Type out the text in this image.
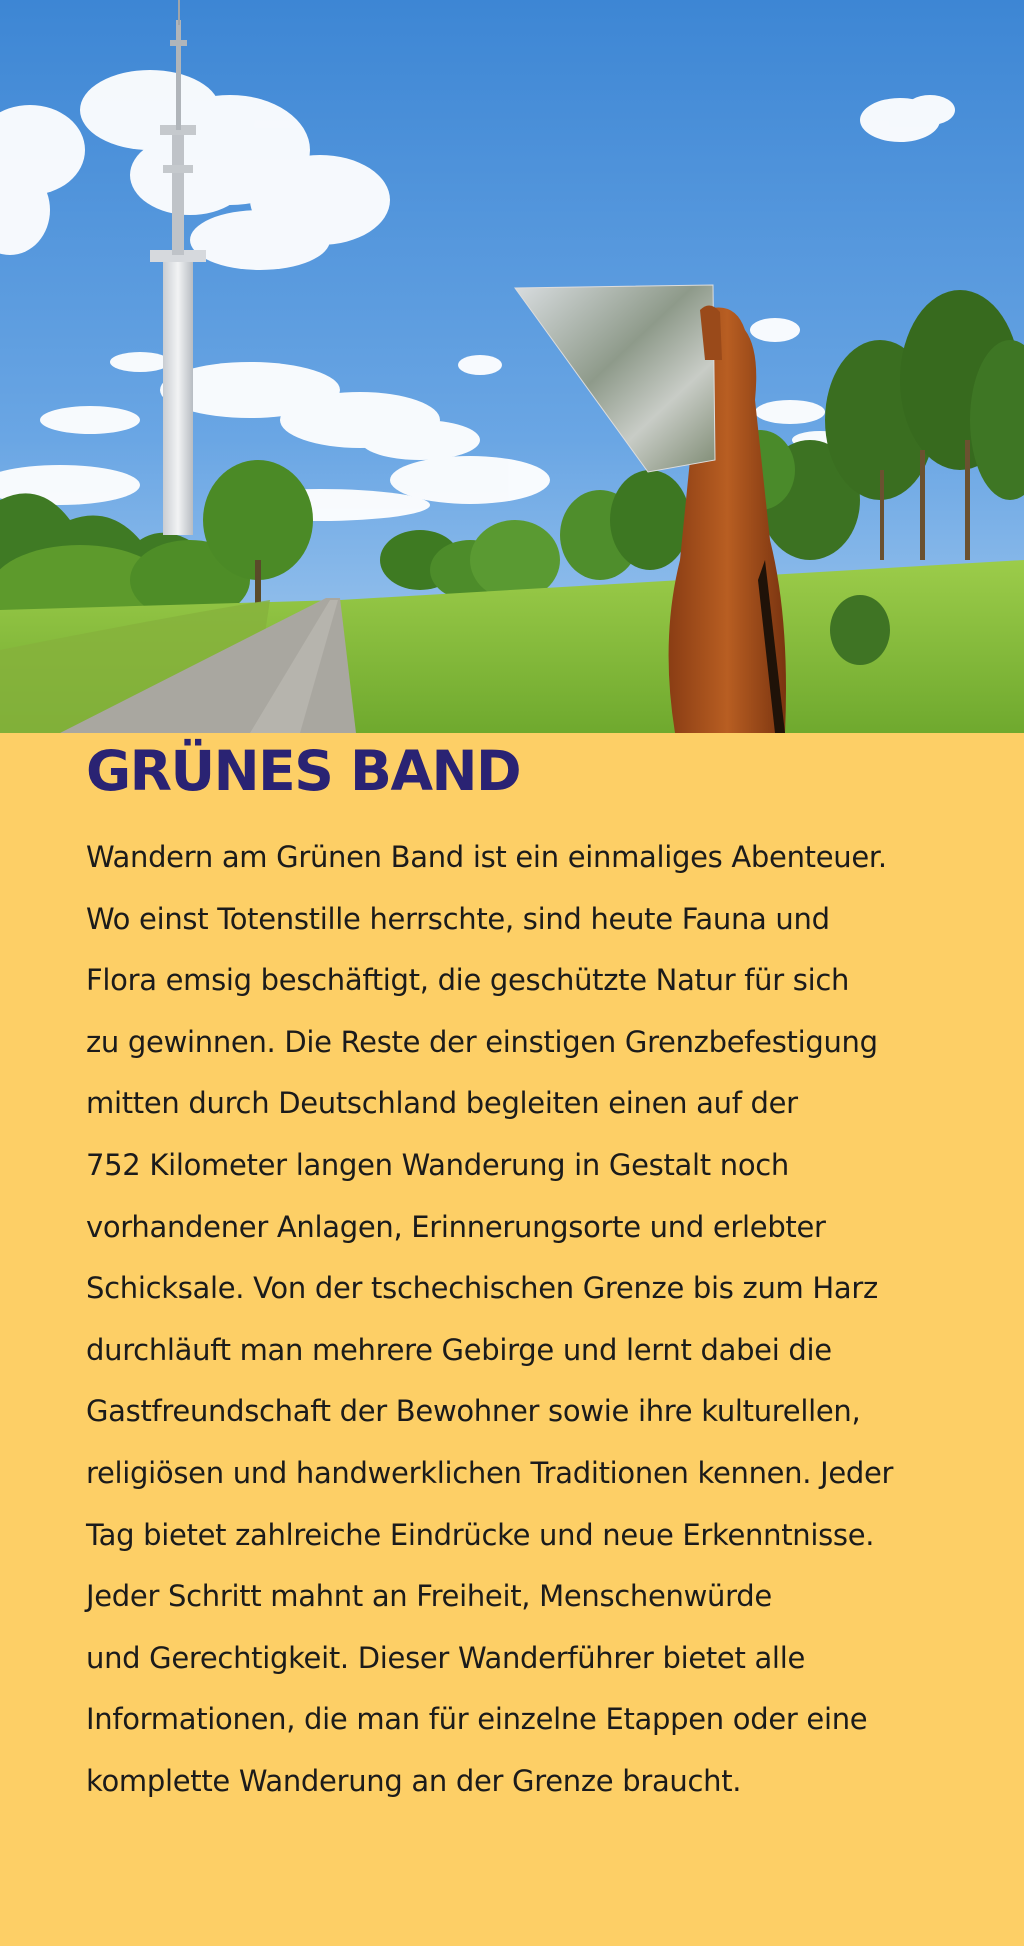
GRÜNES BAND
Wandern am Grünen Band ist ein einmaliges Abenteuer.
Wo einst Totenstille herrschte, sind heute Fauna und
Flora emsig beschäftigt, die geschützte Natur für sich
zu gewinnen. Die Reste der einstigen Grenzbefestigung
mitten durch Deutschland begleiten einen auf der
752 Kilometer langen Wanderung in Gestalt noch
vorhandener Anlagen, Erinnerungsorte und erlebter
Schicksale. Von der tschechischen Grenze bis zum Harz
durchläuft man mehrere Gebirge und lernt dabei die
Gastfreundschaft der Bewohner sowie ihre kulturellen,
religiösen und handwerklichen Traditionen kennen. Jeder
Tag bietet zahlreiche Eindrücke und neue Erkenntnisse.
Jeder Schritt mahnt an Freiheit, Menschenwürde
und Gerechtigkeit. Dieser Wanderführer bietet alle
Informationen, die man für einzelne Etappen oder eine
komplette Wanderung an der Grenze braucht.
